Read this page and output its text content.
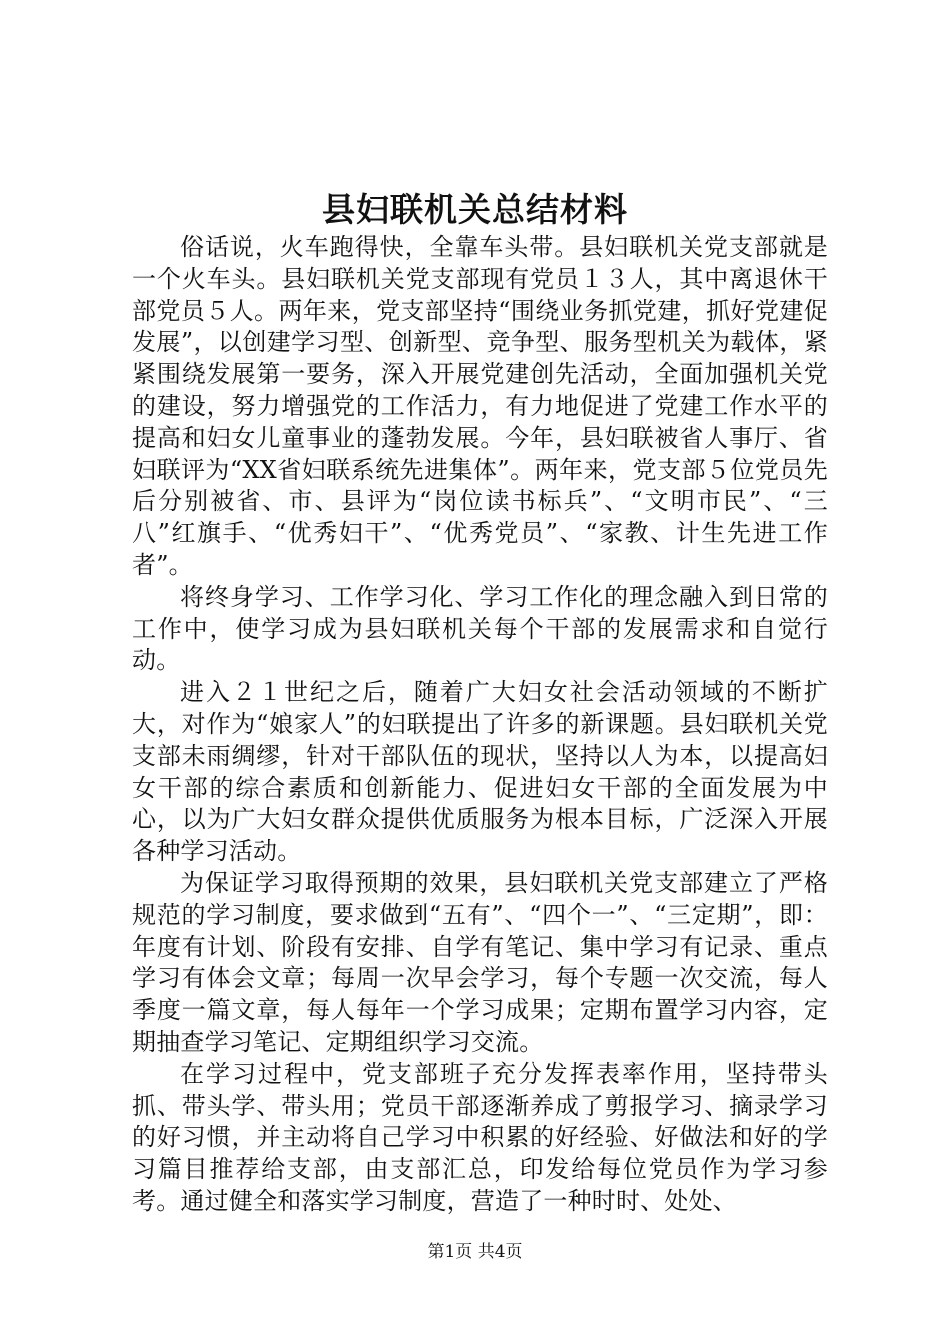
县妇联机关总结材料

俗话说，火车跑得快，全靠车头带。县妇联机关党支部就是一个火车头。县妇联机关党支部现有党员１３人，其中离退休干部党员５人。两年来，党支部坚持“围绕业务抓党建，抓好党建促发展”，以创建学习型、创新型、竞争型、服务型机关为载体，紧紧围绕发展第一要务，深入开展党建创先活动，全面加强机关党的建设，努力增强党的工作活力，有力地促进了党建工作水平的提高和妇女儿童事业的蓬勃发展。今年，县妇联被省人事厅、省妇联评为“XX省妇联系统先进集体”。两年来，党支部５位党员先后分别被省、市、县评为“岗位读书标兵”、“文明市民”、“三八”红旗手、“优秀妇干”、“优秀党员”、“家教、计生先进工作者”。

将终身学习、工作学习化、学习工作化的理念融入到日常的工作中，使学习成为县妇联机关每个干部的发展需求和自觉行动。

进入２１世纪之后，随着广大妇女社会活动领域的不断扩大，对作为“娘家人”的妇联提出了许多的新课题。县妇联机关党支部未雨绸缪，针对干部队伍的现状，坚持以人为本，以提高妇女干部的综合素质和创新能力、促进妇女干部的全面发展为中心，以为广大妇女群众提供优质服务为根本目标，广泛深入开展各种学习活动。

为保证学习取得预期的效果，县妇联机关党支部建立了严格规范的学习制度，要求做到“五有”、“四个一”、“三定期”，即：年度有计划、阶段有安排、自学有笔记、集中学习有记录、重点学习有体会文章；每周一次早会学习，每个专题一次交流，每人季度一篇文章，每人每年一个学习成果；定期布置学习内容，定期抽查学习笔记、定期组织学习交流。

在学习过程中，党支部班子充分发挥表率作用，坚持带头抓、带头学、带头用；党员干部逐渐养成了剪报学习、摘录学习的好习惯，并主动将自己学习中积累的好经验、好做法和好的学习篇目推荐给支部，由支部汇总，印发给每位党员作为学习参考。通过健全和落实学习制度，营造了一种时时、处处、

第1页 共4页
